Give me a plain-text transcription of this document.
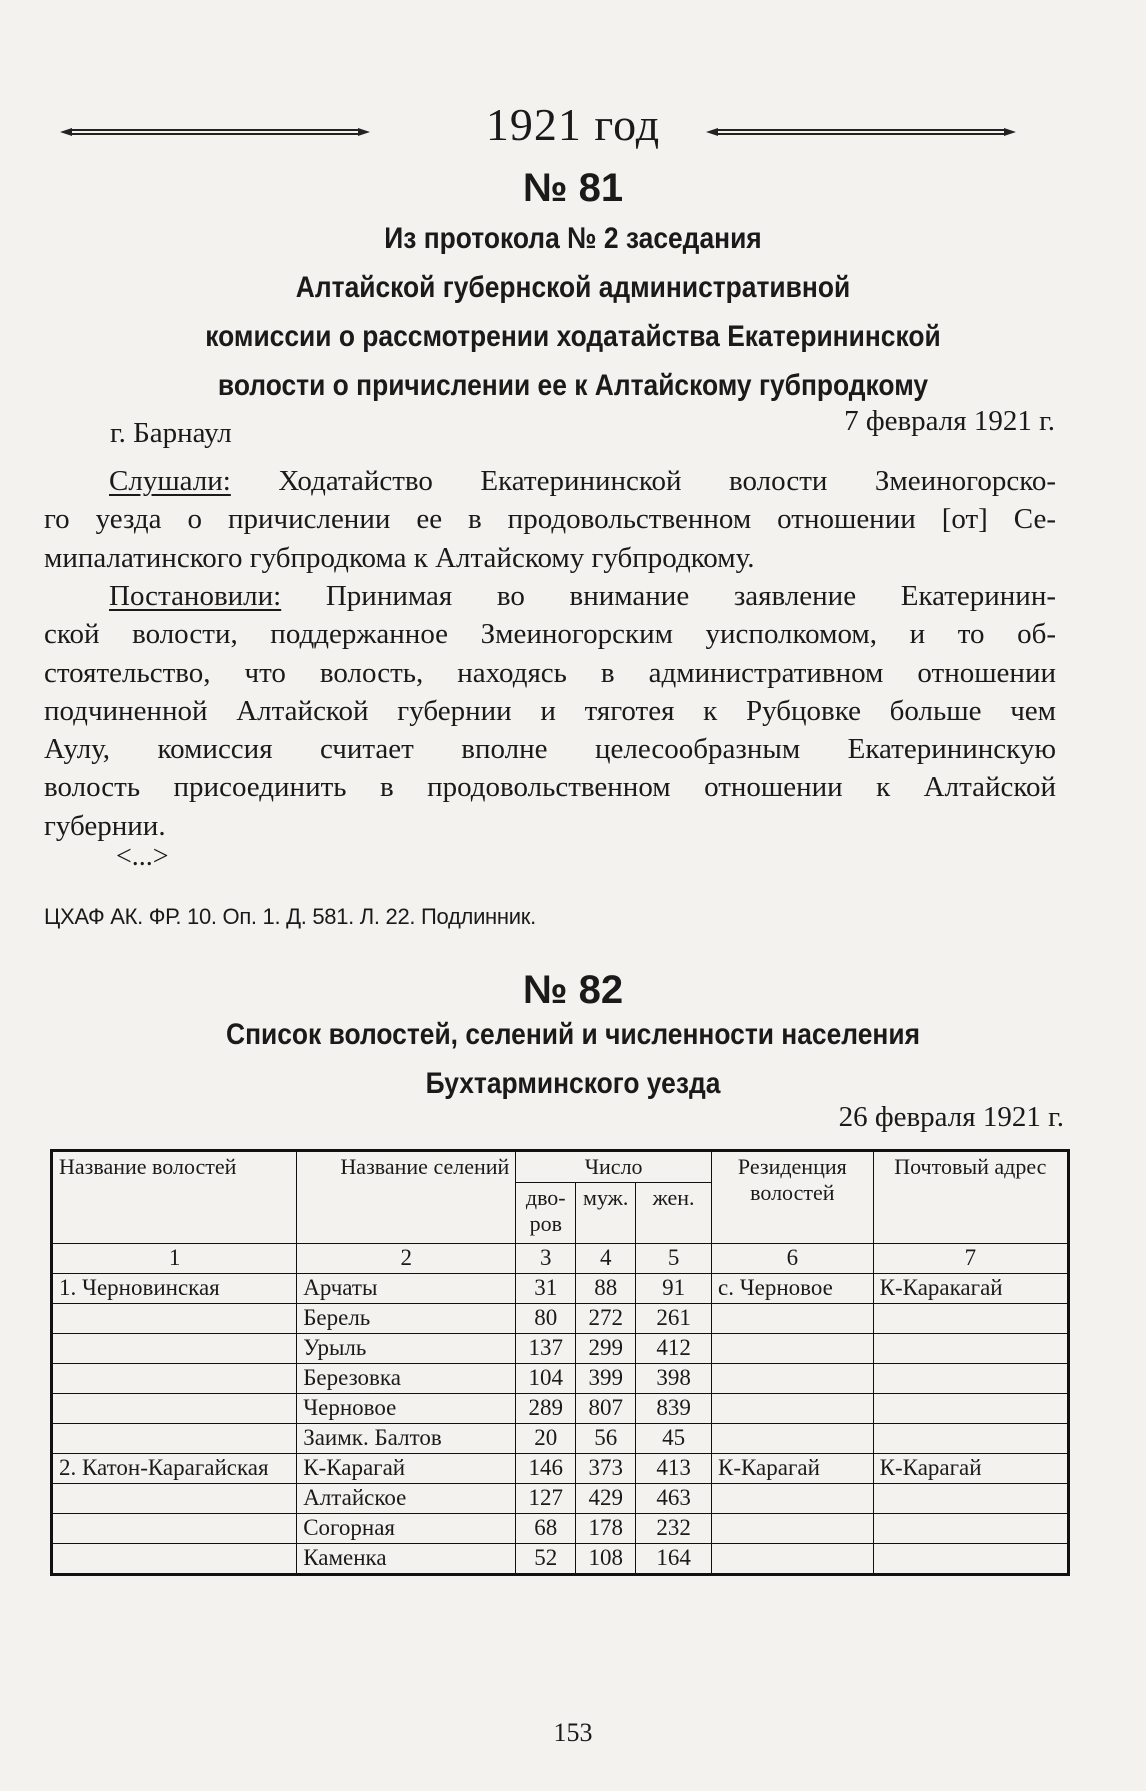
1921 год
№ 81
Из протокола № 2 заседания
Алтайской губернской административной
комиссии о рассмотрении ходатайства Екатерининской
волости о причислении ее к Алтайскому губпродкому
г. Барнаул	7 февраля 1921 г.
Слушали: Ходатайство Екатерининской волости Змеиногорско-
го уезда о причислении ее в продовольственном отношении [от] Се-
мипалатинского губпродкома к Алтайскому губпродкому.
Постановили: Принимая во внимание заявление Екатеринин-
ской волости, поддержанное Змеиногорским уисполкомом, и то об-
стоятельство, что волость, находясь в административном отношении
подчиненной Алтайской губернии и тяготея к Рубцовке больше чем
Аулу, комиссия считает вполне целесообразным Екатерининскую
волость присоединить в продовольственном отношении к Алтайской
губернии.
<...>
ЦХАФ АК. ФР. 10. Оп. 1. Д. 581. Л. 22. Подлинник.
№ 82
Список волостей, селений и численности населения
Бухтарминского уезда
26 февраля 1921 г.
Название волостей	Название селений	Число			Резиденция волостей	Почтовый адрес
		дво-ров	муж.	жен.		
1	2	3	4	5	6	7
1. Черновинская	Арчаты	31	88	91	с. Черновое	К-Каракагай
	Берель	80	272	261		
	Урыль	137	299	412		
	Березовка	104	399	398		
	Черновое	289	807	839		
	Заимк. Балтов	20	56	45		
2. Катон-Карагайская	К-Карагай	146	373	413	К-Карагай	К-Карагай
	Алтайское	127	429	463		
	Согорная	68	178	232		
	Каменка	52	108	164		
153
